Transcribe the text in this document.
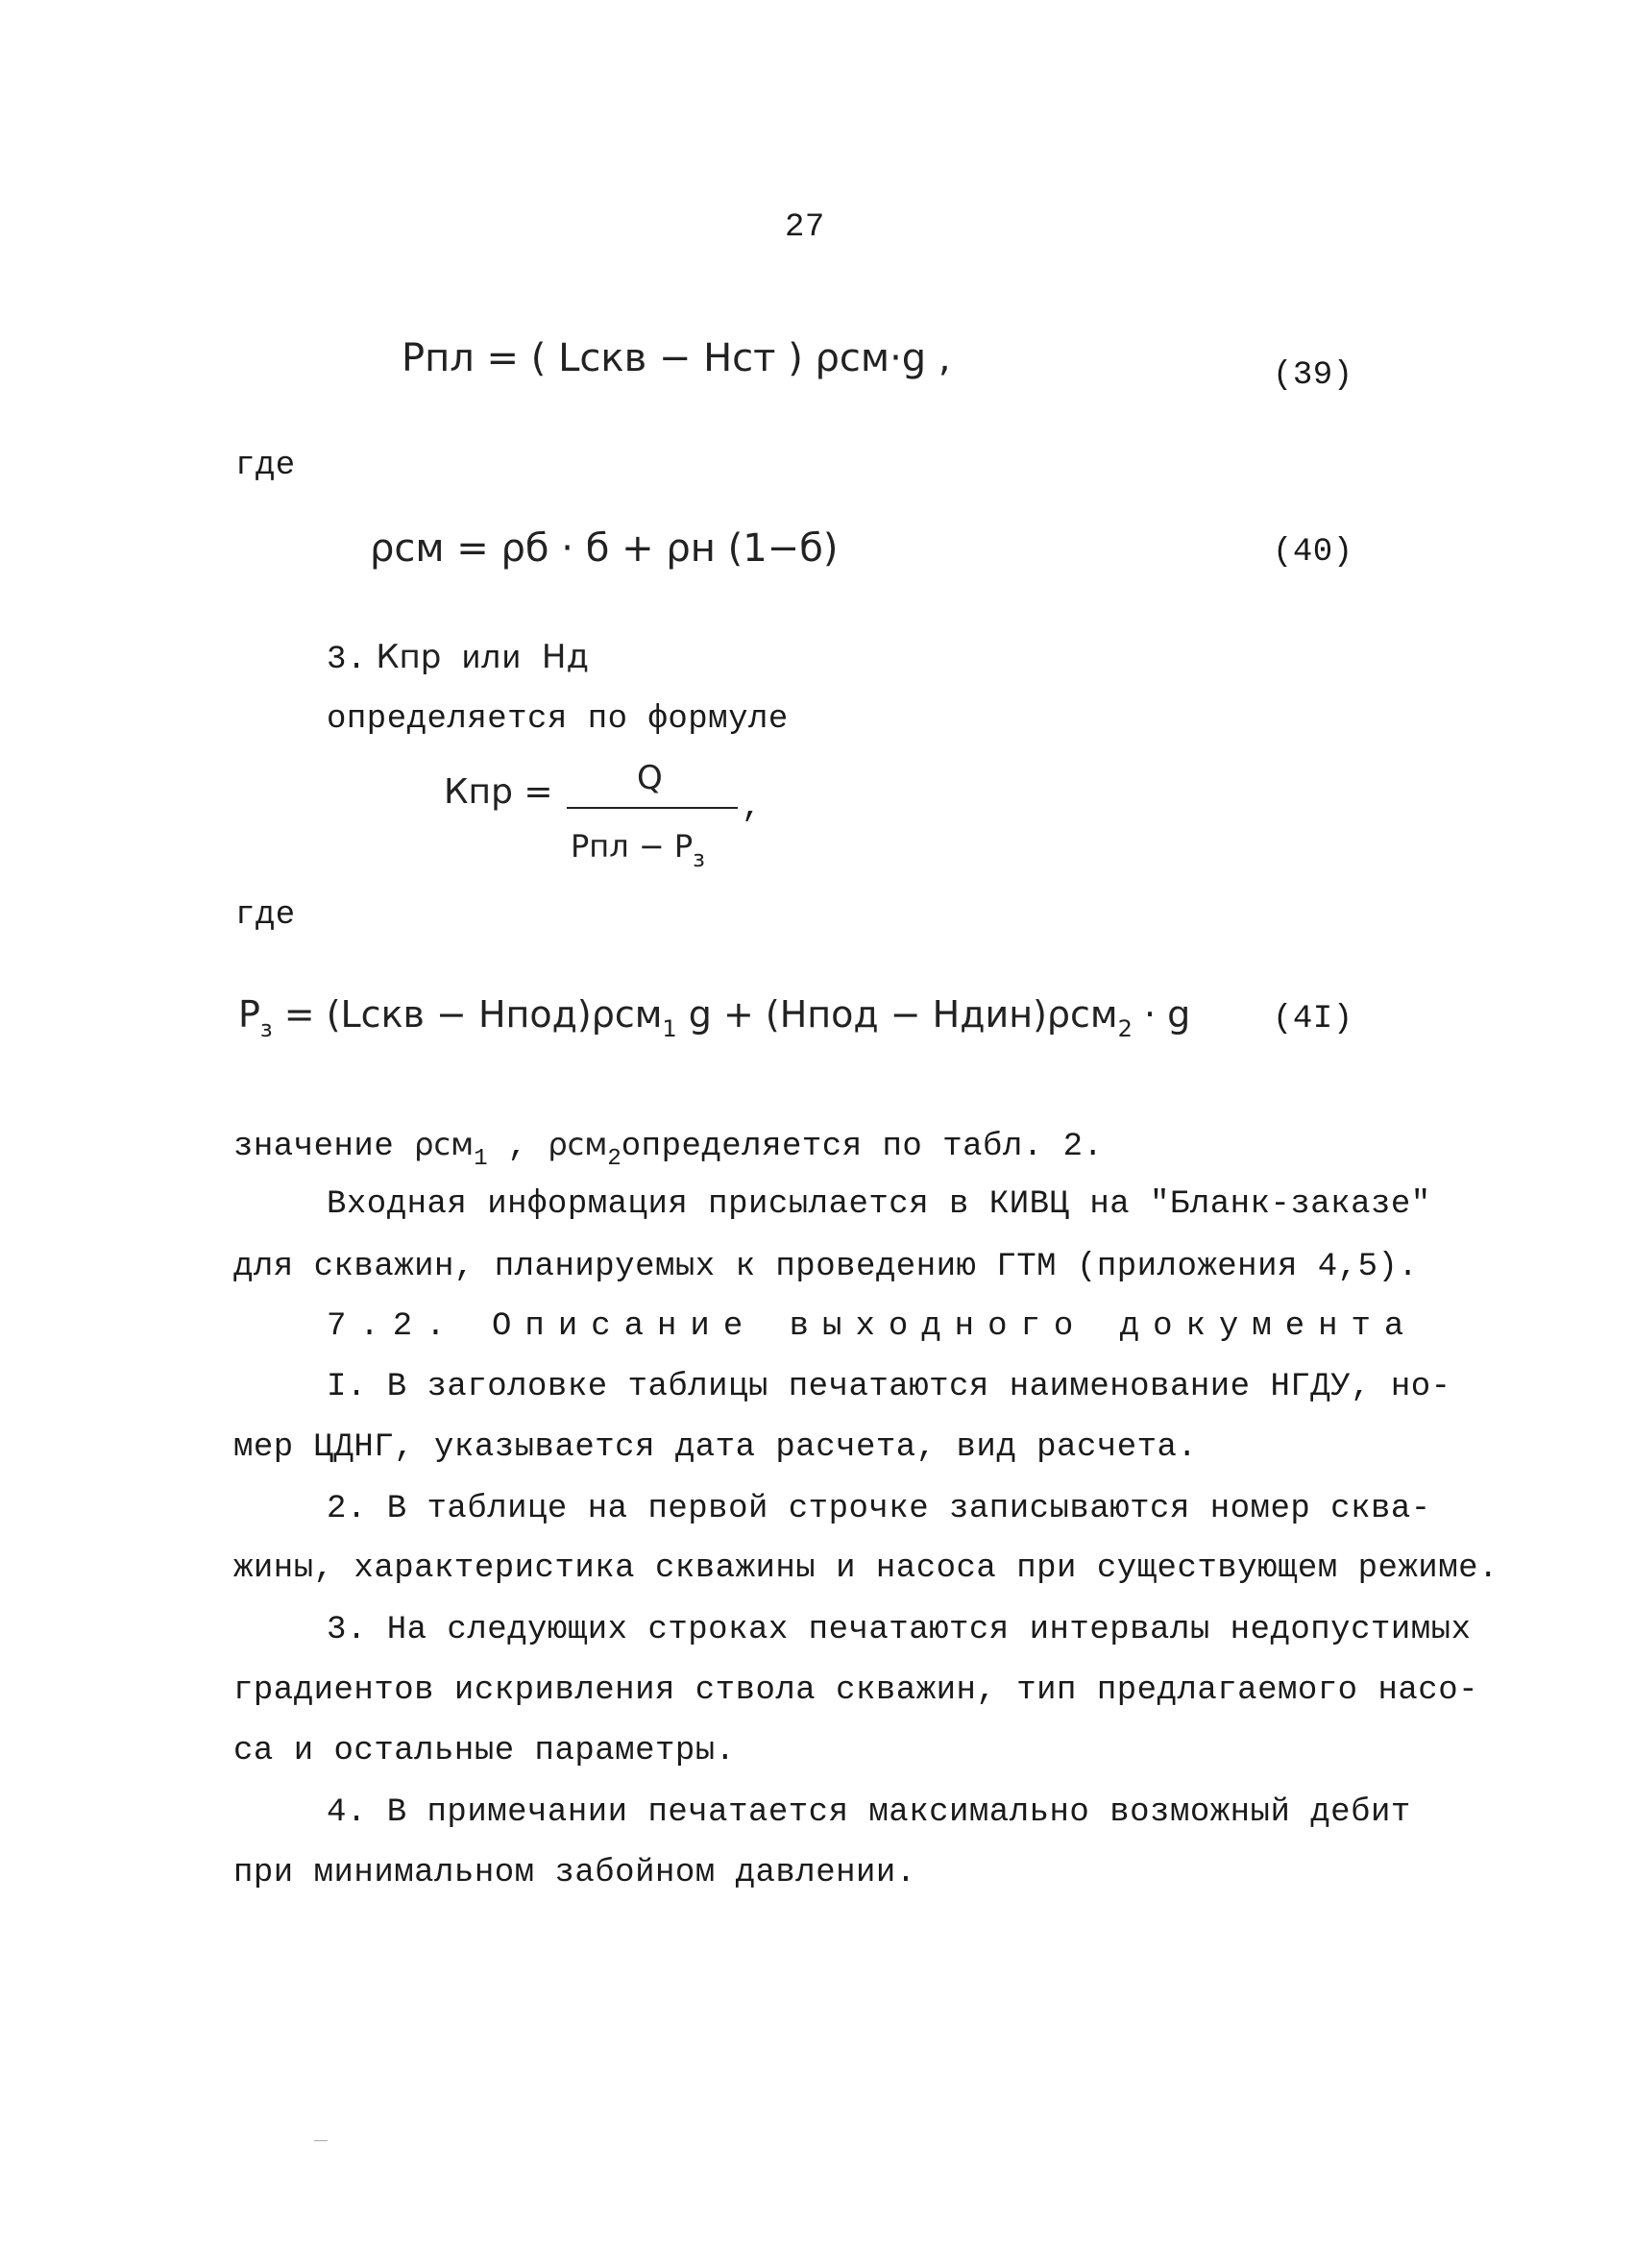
27
Pпл = ( Lскв − Hст ) ρсм·g ,	(39)
где
ρсм = ρб · б + ρн (1−б)	(40)
3. Кпр или Hд
определяется по формуле
Кпр =	Q
,
Pпл − $P_з$
где
$P_з$ = (Lскв − Hпод)ρсм$_1$ g + (Hпод − Hдин)ρсм$_2$ · g	(4I)
значение ρсм1 , ρсм2определяется по табл. 2.
Входная информация присылается в КИВЦ на "Бланк-заказе"
для скважин, планируемых к проведению ГТМ (приложения 4,5).
7.2. Описание выходного документа
I. В заголовке таблицы печатаются наименование НГДУ, но-
мер ЦДНГ, указывается дата расчета, вид расчета.
2. В таблице на первой строчке записываются номер сква-
жины, характеристика скважины и насоса при существующем режиме.
3. На следующих строках печатаются интервалы недопустимых
градиентов искривления ствола скважин, тип предлагаемого насо-
са и остальные параметры.
4. В примечании печатается максимально возможный дебит
при минимальном забойном давлении.
